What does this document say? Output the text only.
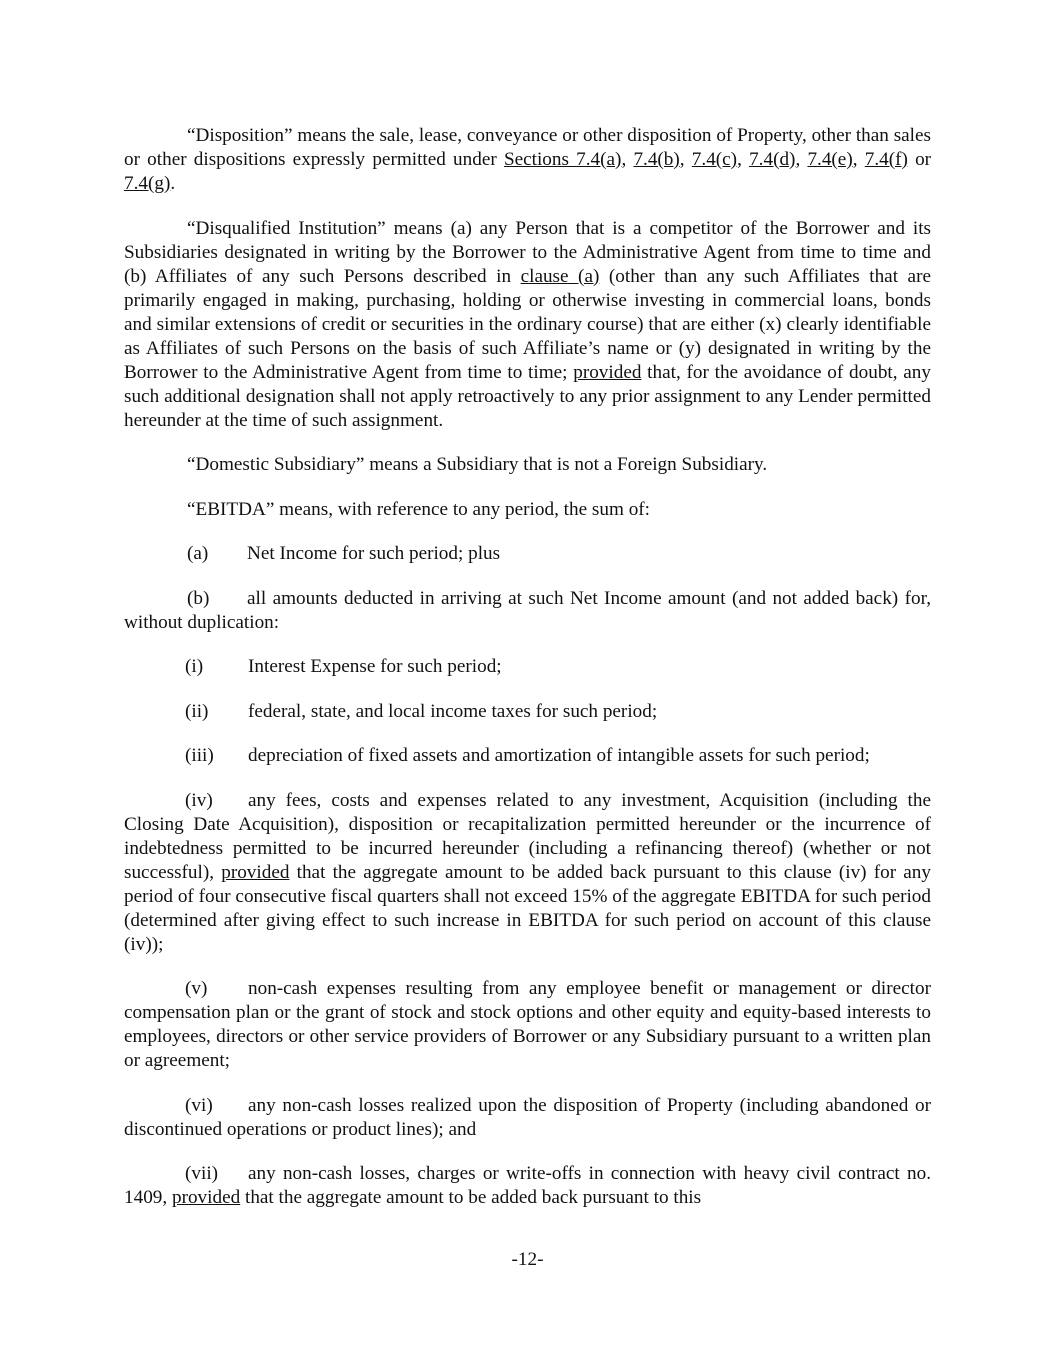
“Disposition” means the sale, lease, conveyance or other disposition of Property, other than sales or other dispositions expressly permitted under Sections 7.4(a), 7.4(b), 7.4(c), 7.4(d), 7.4(e), 7.4(f) or 7.4(g).

“Disqualified Institution” means (a) any Person that is a competitor of the Borrower and its Subsidiaries designated in writing by the Borrower to the Administrative Agent from time to time and (b) Affiliates of any such Persons described in clause (a) (other than any such Affiliates that are primarily engaged in making, purchasing, holding or otherwise investing in commercial loans, bonds and similar extensions of credit or securities in the ordinary course) that are either (x) clearly identifiable as Affiliates of such Persons on the basis of such Affiliate’s name or (y) designated in writing by the Borrower to the Administrative Agent from time to time; provided that, for the avoidance of doubt, any such additional designation shall not apply retroactively to any prior assignment to any Lender permitted hereunder at the time of such assignment.

“Domestic Subsidiary” means a Subsidiary that is not a Foreign Subsidiary.

“EBITDA” means, with reference to any period, the sum of:

(a) Net Income for such period; plus

(b) all amounts deducted in arriving at such Net Income amount (and not added back) for, without duplication:

(i) Interest Expense for such period;

(ii) federal, state, and local income taxes for such period;

(iii) depreciation of fixed assets and amortization of intangible assets for such period;

(iv) any fees, costs and expenses related to any investment, Acquisition (including the Closing Date Acquisition), disposition or recapitalization permitted hereunder or the incurrence of indebtedness permitted to be incurred hereunder (including a refinancing thereof) (whether or not successful), provided that the aggregate amount to be added back pursuant to this clause (iv) for any period of four consecutive fiscal quarters shall not exceed 15% of the aggregate EBITDA for such period (determined after giving effect to such increase in EBITDA for such period on account of this clause (iv));

(v) non-cash expenses resulting from any employee benefit or management or director compensation plan or the grant of stock and stock options and other equity and equity-based interests to employees, directors or other service providers of Borrower or any Subsidiary pursuant to a written plan or agreement;

(vi) any non-cash losses realized upon the disposition of Property (including abandoned or discontinued operations or product lines); and

(vii) any non-cash losses, charges or write-offs in connection with heavy civil contract no. 1409, provided that the aggregate amount to be added back pursuant to this

-12-
